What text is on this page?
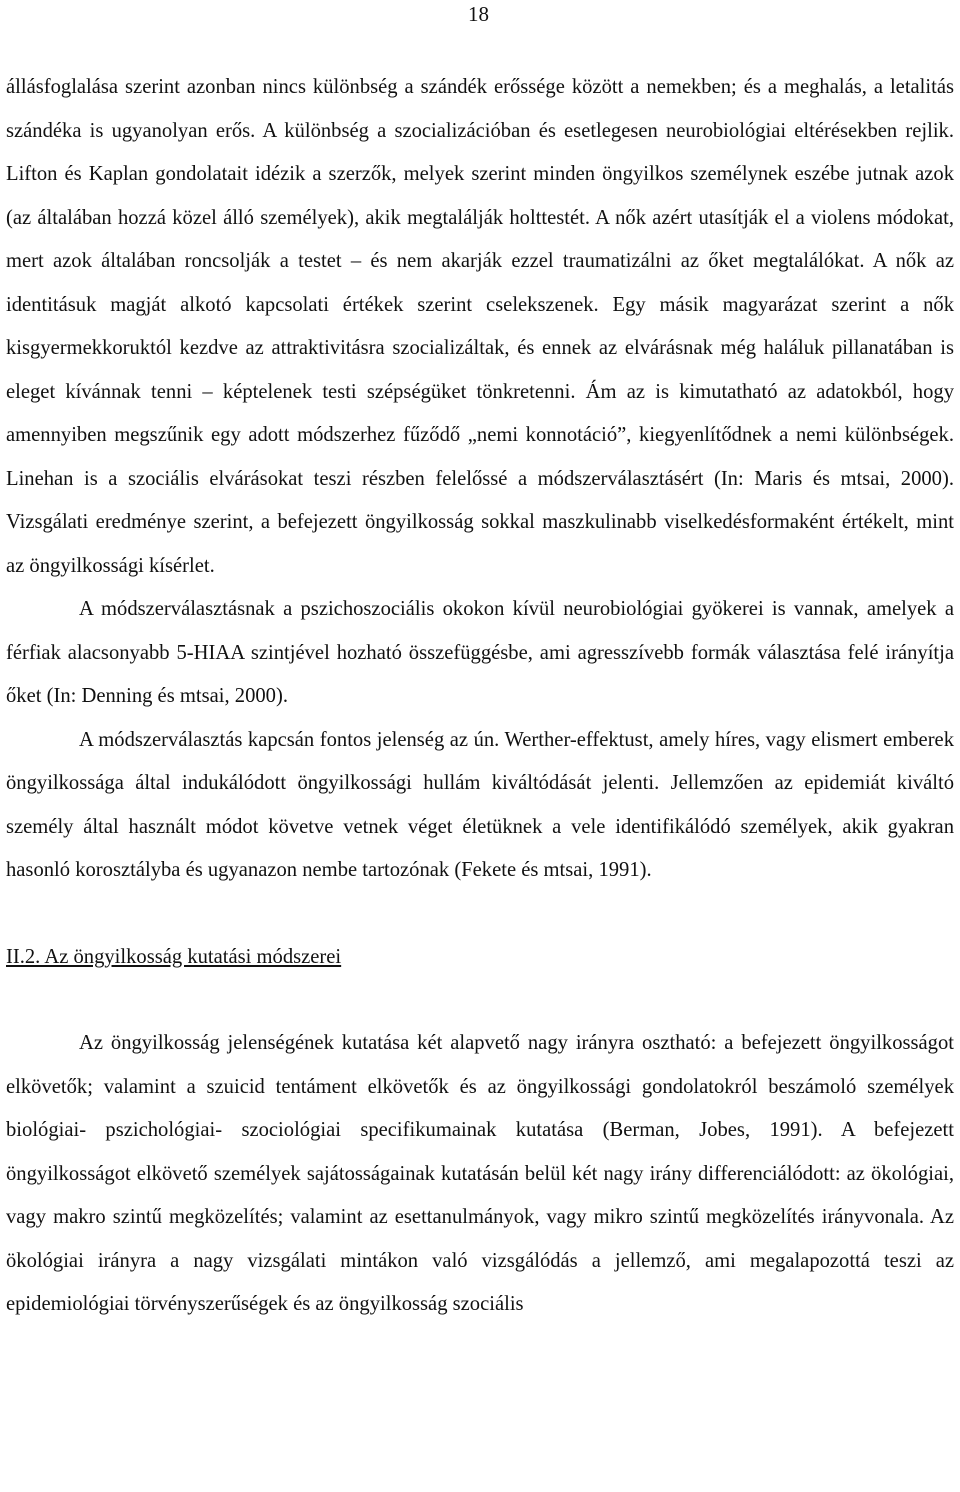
18

állásfoglalása szerint azonban nincs különbség a szándék erőssége között a nemekben; és a meghalás, a letalitás szándéka is ugyanolyan erős. A különbség a szocializációban és esetlegesen neurobiológiai eltérésekben rejlik. Lifton és Kaplan gondolatait idézik a szerzők, melyek szerint minden öngyilkos személynek eszébe jutnak azok (az általában hozzá közel álló személyek), akik megtalálják holttestét. A nők azért utasítják el a violens módokat, mert azok általában roncsolják a testet – és nem akarják ezzel traumatizálni az őket megtalálókat. A nők az identitásuk magját alkotó kapcsolati értékek szerint cselekszenek. Egy másik magyarázat szerint a nők kisgyermekkoruktól kezdve az attraktivitásra szocializáltak, és ennek az elvárásnak még haláluk pillanatában is eleget kívánnak tenni – képtelenek testi szépségüket tönkretenni. Ám az is kimutatható az adatokból, hogy amennyiben megszűnik egy adott módszerhez fűződő „nemi konnotáció”, kiegyenlítődnek a nemi különbségek. Linehan is a szociális elvárásokat teszi részben felelőssé a módszerválasztásért (In: Maris és mtsai, 2000). Vizsgálati eredménye szerint, a befejezett öngyilkosság sokkal maszkulinabb viselkedésformaként értékelt, mint az öngyilkossági kísérlet.

A módszerválasztásnak a pszichoszociális okokon kívül neurobiológiai gyökerei is vannak, amelyek a férfiak alacsonyabb 5-HIAA szintjével hozható összefüggésbe, ami agresszívebb formák választása felé irányítja őket (In: Denning és mtsai, 2000).

A módszerválasztás kapcsán fontos jelenség az ún. Werther-effektust, amely híres, vagy elismert emberek öngyilkossága által indukálódott öngyilkossági hullám kiváltódását jelenti. Jellemzően az epidemiát kiváltó személy által használt módot követve vetnek véget életüknek a vele identifikálódó személyek, akik gyakran hasonló korosztályba és ugyanazon nembe tartozónak (Fekete és mtsai, 1991).

II.2. Az öngyilkosság kutatási módszerei

Az öngyilkosság jelenségének kutatása két alapvető nagy irányra osztható: a befejezett öngyilkosságot elkövetők; valamint a szuicid tentáment elkövetők és az öngyilkossági gondolatokról beszámoló személyek biológiai- pszichológiai- szociológiai specifikumainak kutatása (Berman, Jobes, 1991). A befejezett öngyilkosságot elkövető személyek sajátosságainak kutatásán belül két nagy irány differenciálódott: az ökológiai, vagy makro szintű megközelítés; valamint az esettanulmányok, vagy mikro szintű megközelítés irányvonala. Az ökológiai irányra a nagy vizsgálati mintákon való vizsgálódás a jellemző, ami megalapozottá teszi az epidemiológiai törvényszerűségek és az öngyilkosság szociális
